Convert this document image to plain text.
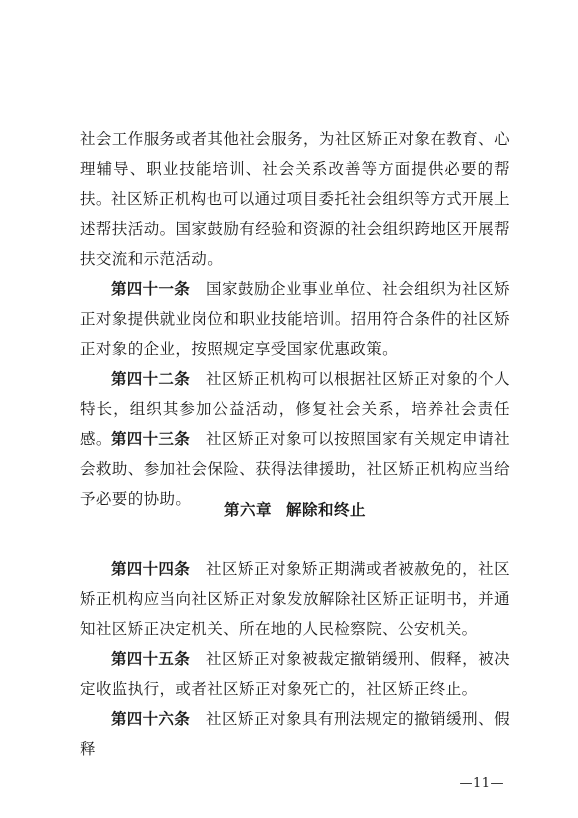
社会工作服务或者其他社会服务，为社区矫正对象在教育、心理辅导、职业技能培训、社会关系改善等方面提供必要的帮扶。 社区矫正机构也可以通过项目委托社会组织等方式开展上述帮扶活动。国家鼓励有经验和资源的社会组织跨地区开展帮扶交流和示范活动。

第四十一条 国家鼓励企业事业单位、社会组织为社区矫正对象提供就业岗位和职业技能培训。招用符合条件的社区矫正对象的企业，按照规定享受国家优惠政策。

第四十二条 社区矫正机构可以根据社区矫正对象的个人特长，组织其参加公益活动，修复社会关系，培养社会责任感。 第四十三条 社区矫正对象可以按照国家有关规定申请社会救助、参加社会保险、获得法律援助，社区矫正机构应当给予必要的协助。

第六章 解除和终止

第四十四条 社区矫正对象矫正期满或者被赦免的，社区矫正机构应当向社区矫正对象发放解除社区矫正证明书，并通知社区矫正决定机关、所在地的人民检察院、公安机关。

第四十五条 社区矫正对象被裁定撤销缓刑、假释，被决定收监执行，或者社区矫正对象死亡的，社区矫正终止。

第四十六条 社区矫正对象具有刑法规定的撤销缓刑、假释

—11—
